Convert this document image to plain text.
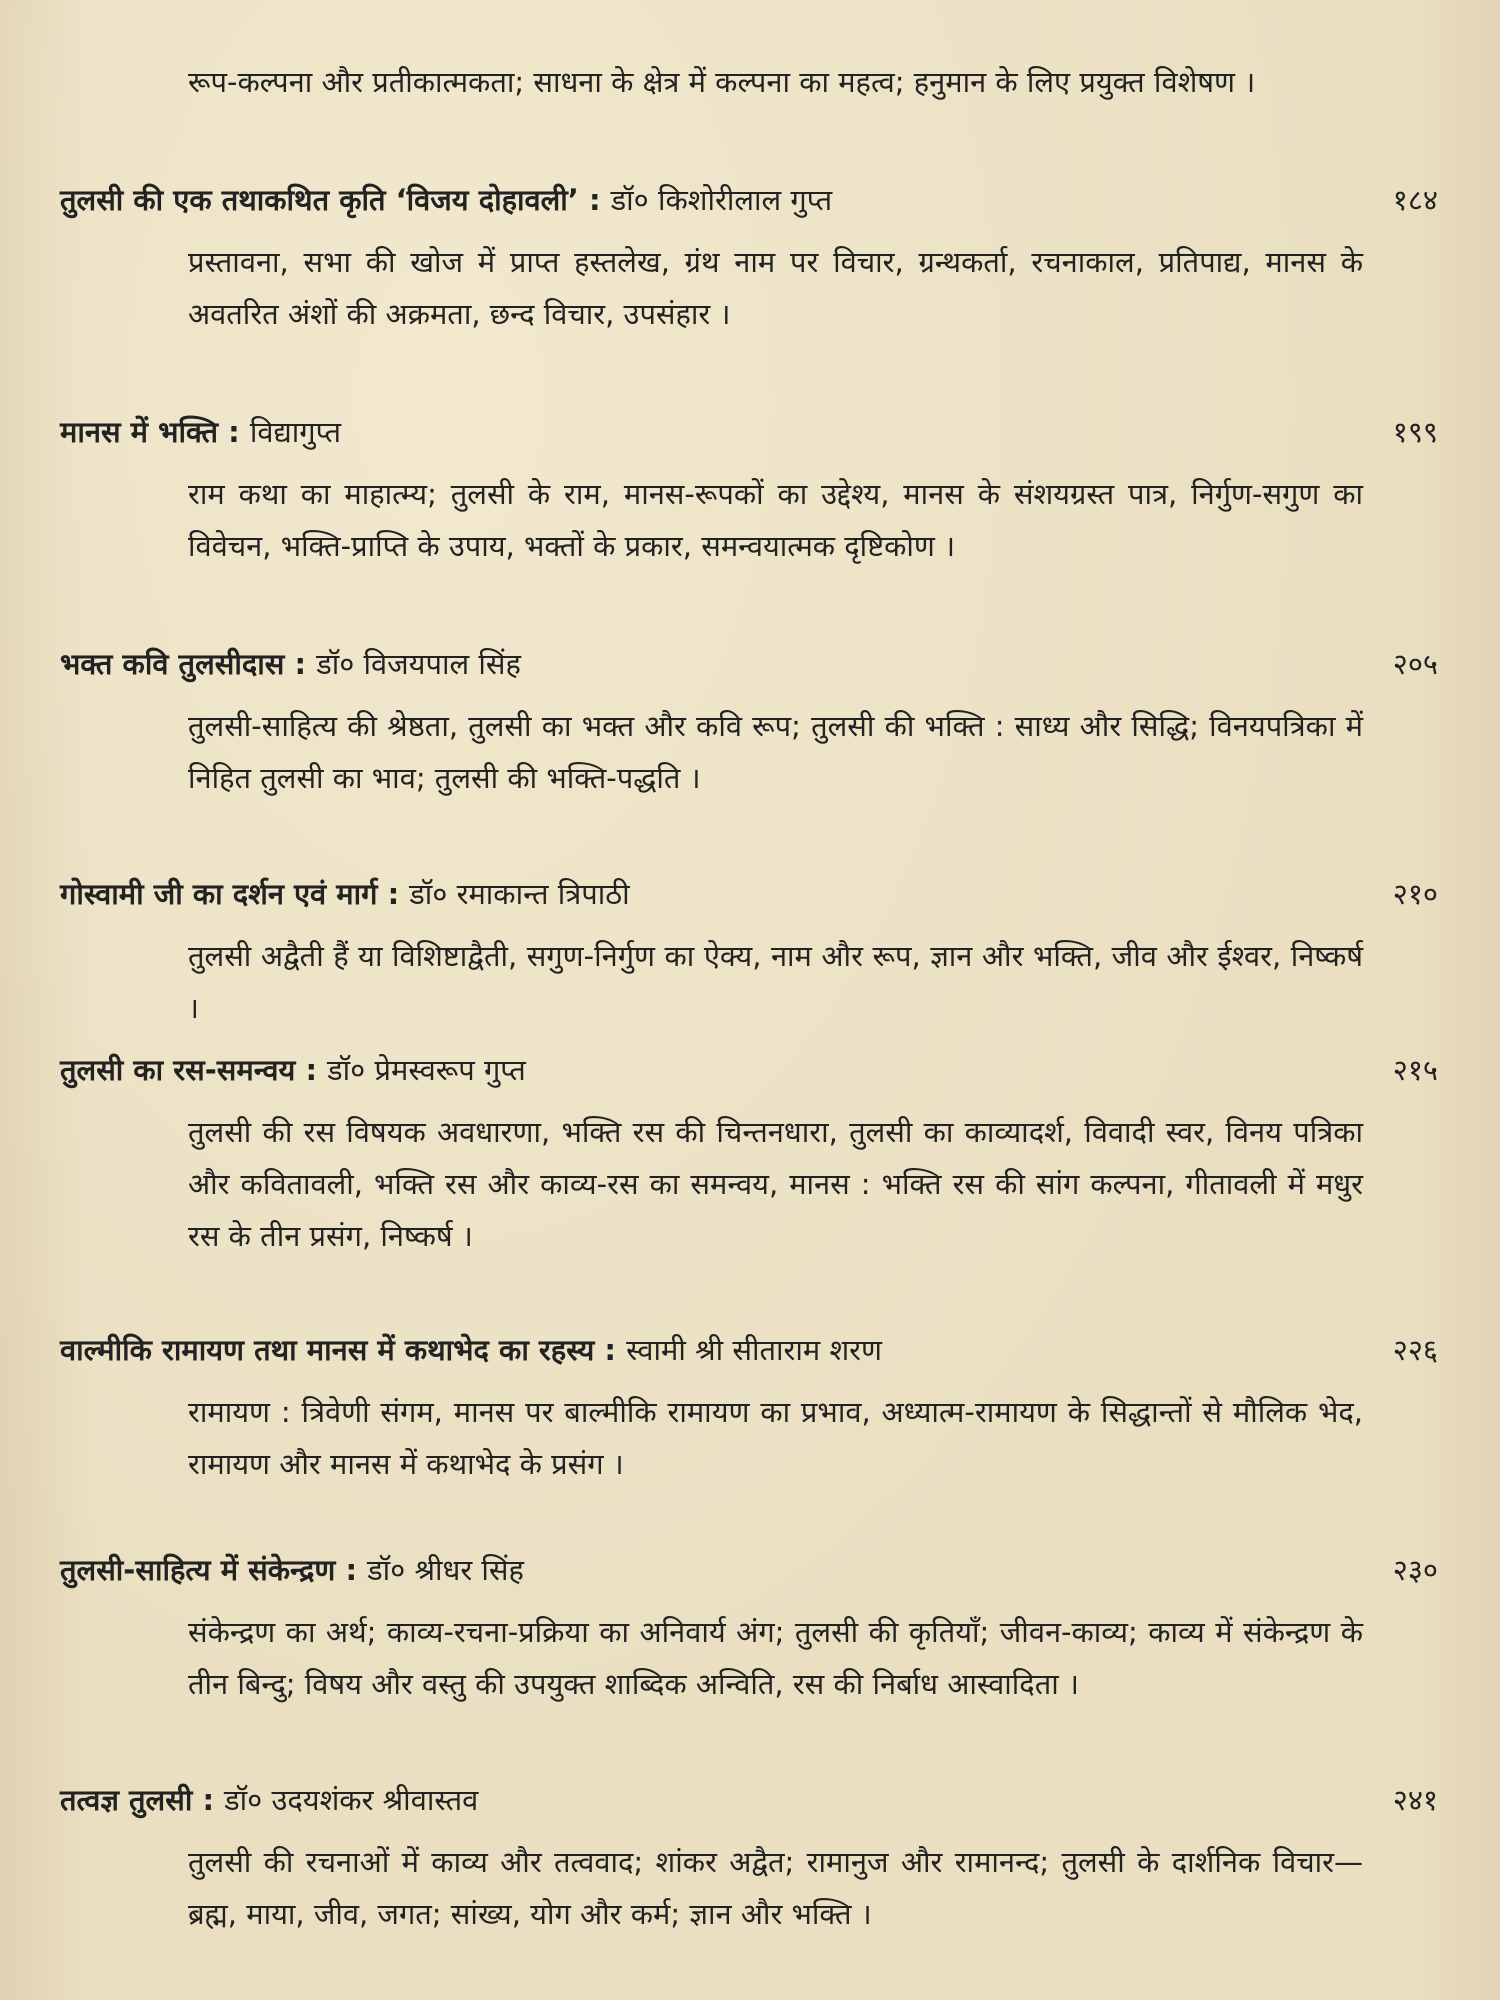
रूप-कल्पना और प्रतीकात्मकता; साधना के क्षेत्र में कल्पना का महत्व; हनुमान के लिए प्रयुक्त विशेषण ।
तुलसी की एक तथाकथित कृति ‘विजय दोहावली’ : डॉ० किशोरीलाल गुप्त	१८४
प्रस्तावना, सभा की खोज में प्राप्त हस्तलेख, ग्रंथ नाम पर विचार, ग्रन्थकर्ता, रचनाकाल, प्रतिपाद्य, मानस के अवतरित अंशों की अक्रमता, छन्द विचार, उपसंहार ।
मानस में भक्ति : विद्यागुप्त	१९९
राम कथा का माहात्म्य; तुलसी के राम, मानस-रूपकों का उद्देश्य, मानस के संशयग्रस्त पात्र, निर्गुण-सगुण का विवेचन, भक्ति-प्राप्ति के उपाय, भक्तों के प्रकार, समन्वयात्मक दृष्टिकोण ।
भक्त कवि तुलसीदास : डॉ० विजयपाल सिंह	२०५
तुलसी-साहित्य की श्रेष्ठता, तुलसी का भक्त और कवि रूप; तुलसी की भक्ति : साध्य और सिद्धि; विनयपत्रिका में निहित तुलसी का भाव; तुलसी की भक्ति-पद्धति ।
गोस्वामी जी का दर्शन एवं मार्ग : डॉ० रमाकान्त त्रिपाठी	२१०
तुलसी अद्वैती हैं या विशिष्टाद्वैती, सगुण-निर्गुण का ऐक्य, नाम और रूप, ज्ञान और भक्ति, जीव और ईश्वर, निष्कर्ष ।
तुलसी का रस-समन्वय : डॉ० प्रेमस्वरूप गुप्त	२१५
तुलसी की रस विषयक अवधारणा, भक्ति रस की चिन्तनधारा, तुलसी का काव्यादर्श, विवादी स्वर, विनय पत्रिका और कवितावली, भक्ति रस और काव्य-रस का समन्वय, मानस : भक्ति रस की सांग कल्पना, गीतावली में मधुर रस के तीन प्रसंग, निष्कर्ष ।
वाल्मीकि रामायण तथा मानस में कथाभेद का रहस्य : स्वामी श्री सीताराम शरण	२२६
रामायण : त्रिवेणी संगम, मानस पर बाल्मीकि रामायण का प्रभाव, अध्यात्म-रामायण के सिद्धान्तों से मौलिक भेद, रामायण और मानस में कथाभेद के प्रसंग ।
तुलसी-साहित्य में संकेन्द्रण : डॉ० श्रीधर सिंह	२३०
संकेन्द्रण का अर्थ; काव्य-रचना-प्रक्रिया का अनिवार्य अंग; तुलसी की कृतियाँ; जीवन-काव्य; काव्य में संकेन्द्रण के तीन बिन्दु; विषय और वस्तु की उपयुक्त शाब्दिक अन्विति, रस की निर्बाध आस्वादिता ।
तत्वज्ञ तुलसी : डॉ० उदयशंकर श्रीवास्तव	२४१
तुलसी की रचनाओं में काव्य और तत्ववाद; शांकर अद्वैत; रामानुज और रामानन्द; तुलसी के दार्शनिक विचार—ब्रह्म, माया, जीव, जगत; सांख्य, योग और कर्म; ज्ञान और भक्ति ।
